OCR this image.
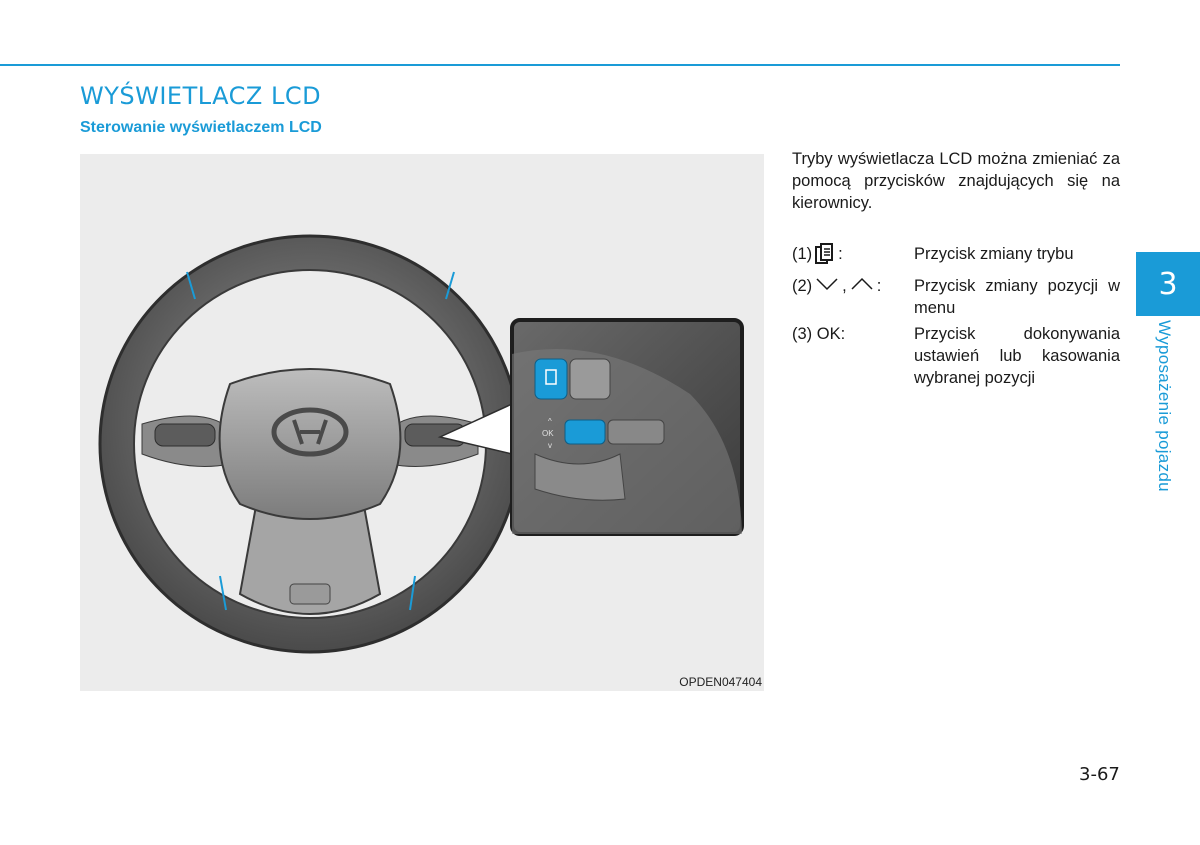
WYŚWIETLACZ LCD
Sterowanie wyświetlaczem LCD
^
OK
v
OPDEN047404

Tryby wyświetlacza LCD można zmieniać za pomocą przycisków znajdujących się na kierownicy.

(1) :	Przycisk zmiany trybu
(2) , : Przycisk zmiany pozycji w menu
(3) OK:	Przycisk dokonywania ustawień lub kasowania wybranej pozycji
3
Wyposażenie pojazdu
3-67
